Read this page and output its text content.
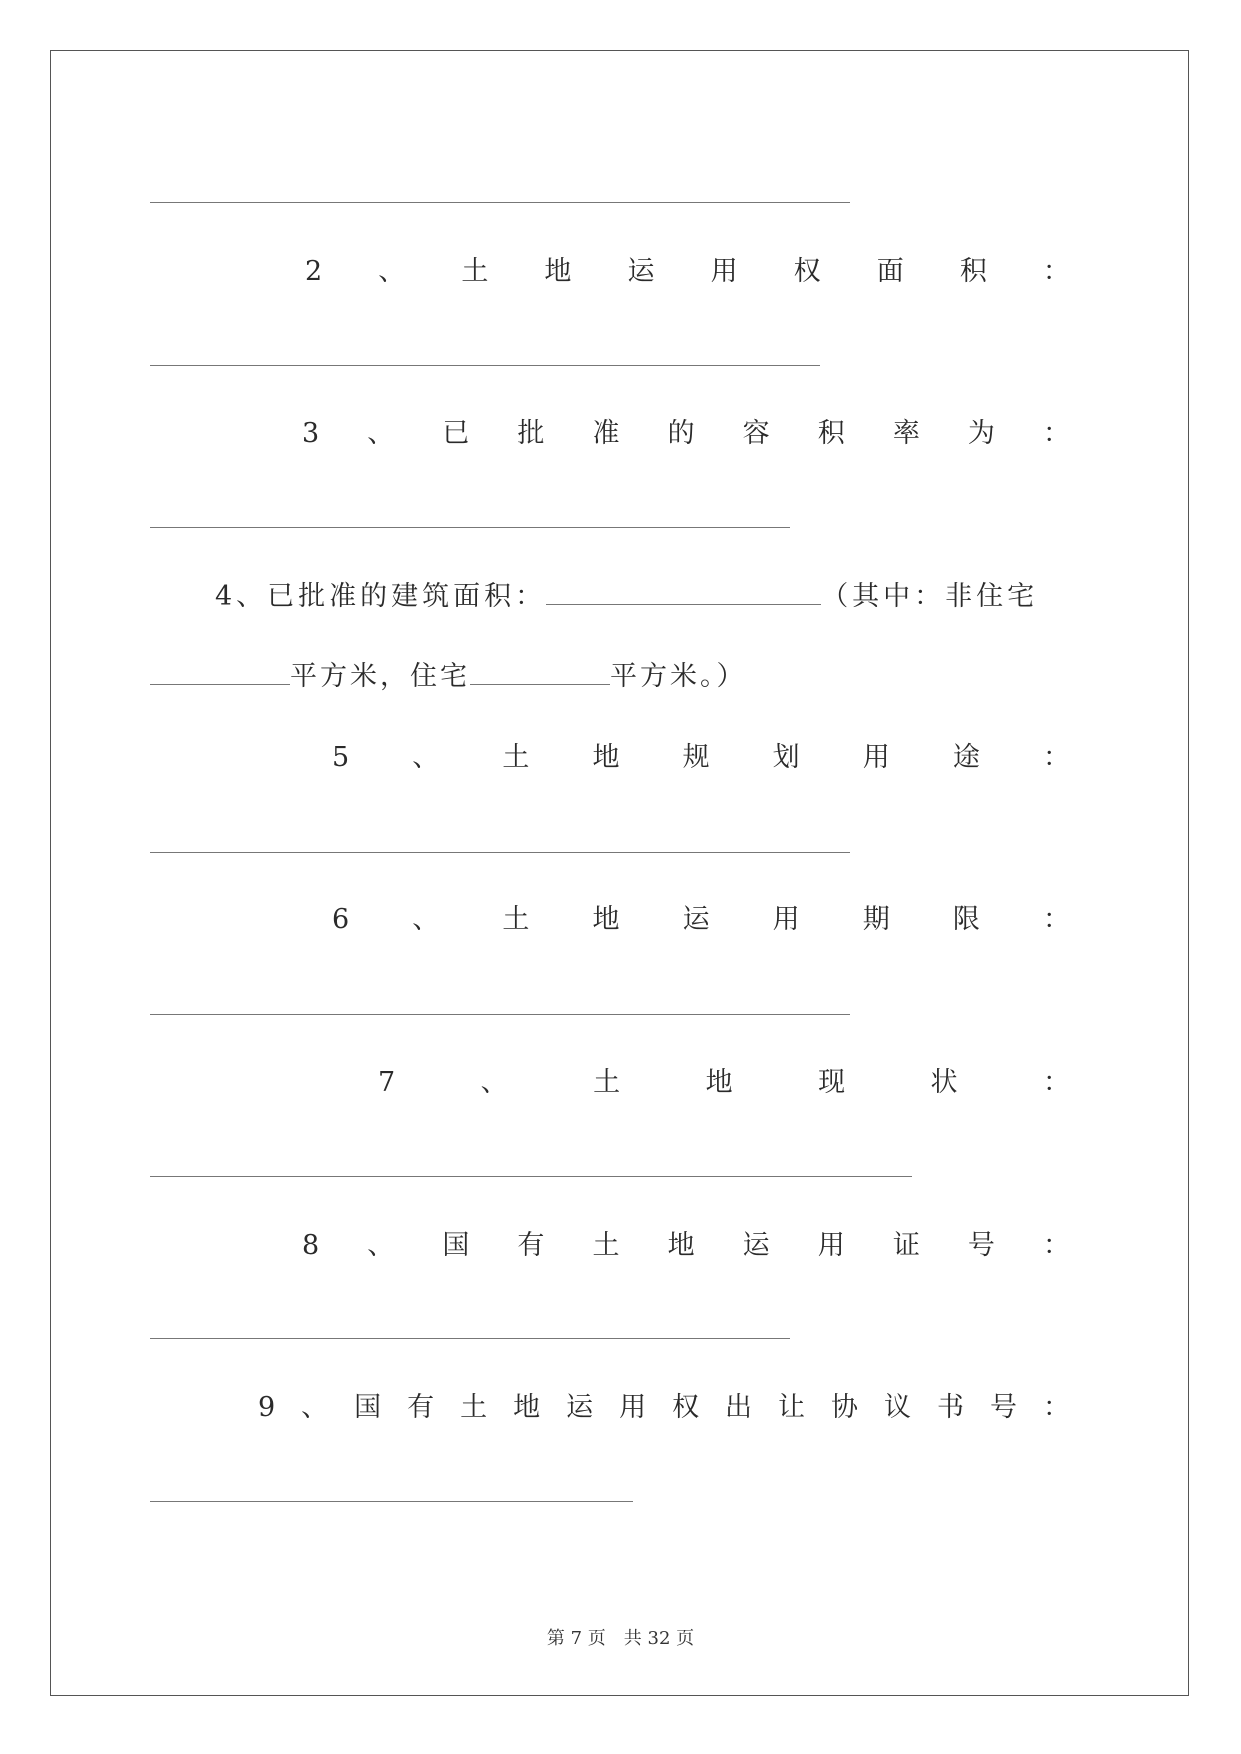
2 、 土 地 运 用 权 面 积 ：
3 、 已 批 准 的 容 积 率 为 ：
4、已批准的建筑面积：	（其中：非住宅
平方米，住宅	平方米。）
5 、 土 地 规 划 用 途 ：
6 、 土 地 运 用 期 限 ：
7	、	土	地	现	状	：
8 、 国 有 土 地 运 用 证 号 ：
9 、 国 有 土 地 运 用 权 出 让 协 议 书 号 ：
第 7 页　共 32 页
